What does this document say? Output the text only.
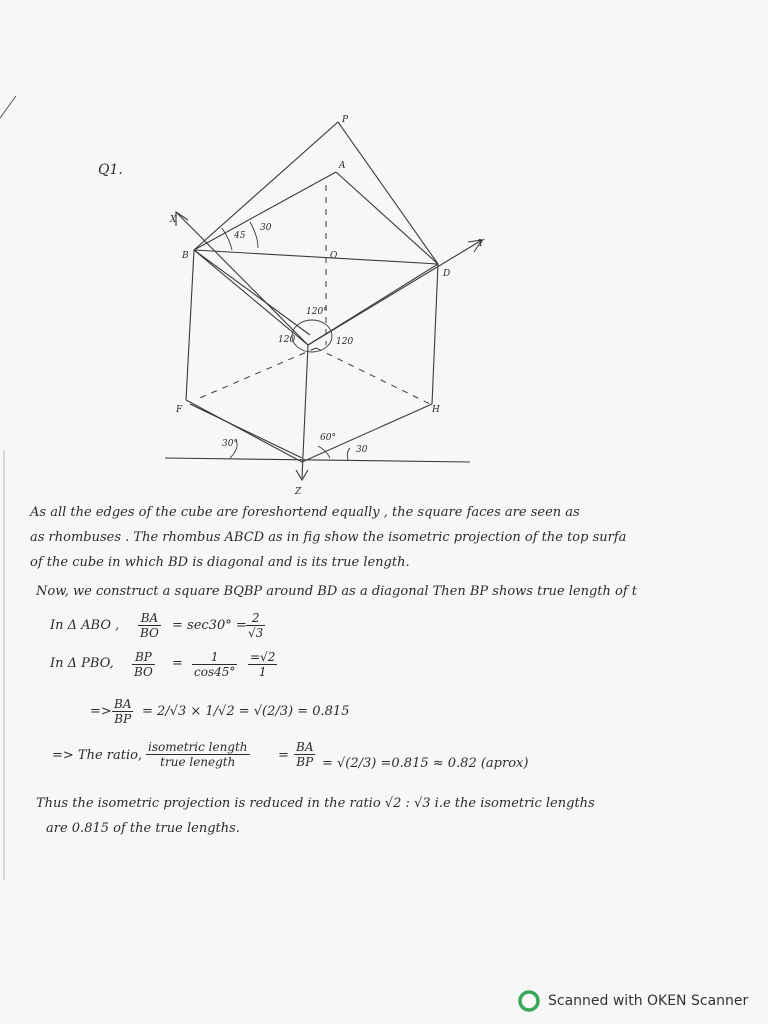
P
A
B	O
D
X
Y
Z
F	H
45
30
120°
120	120
30°
60°
30
Q1.
As all the edges of the cube are foreshortend equally , the square faces are seen as
as rhombuses . The rhombus ABCD as in fig show the isometric projection of the top surfa
of the cube in which BD is diagonal and is its true length.
Now, we construct a square BQBP around BD as a diagonal Then BP shows true length of t
In Δ ABO , $\frac{BA}{BO} = \sec 30^\circ = \frac{2}{√3}$
In Δ PBO, $\frac{BP}{BO} = \frac{1}{\cos 45^\circ} \frac{=√2}{1}$
=> $\frac{BA}{BP} = 2/√3 \times 1/√2 = √(2/3) = 0.815$
=> The ratio,
isometric length
true lenegth	= $\frac{BA}{BP} = √(2/3) =0.815 \approx 0.82$ (aprox)
Thus the isometric projection is reduced in the ratio √2 : √3 i.e the isometric lengths
are 0.815 of the true lengths.
Scanned with OKEN Scanner
